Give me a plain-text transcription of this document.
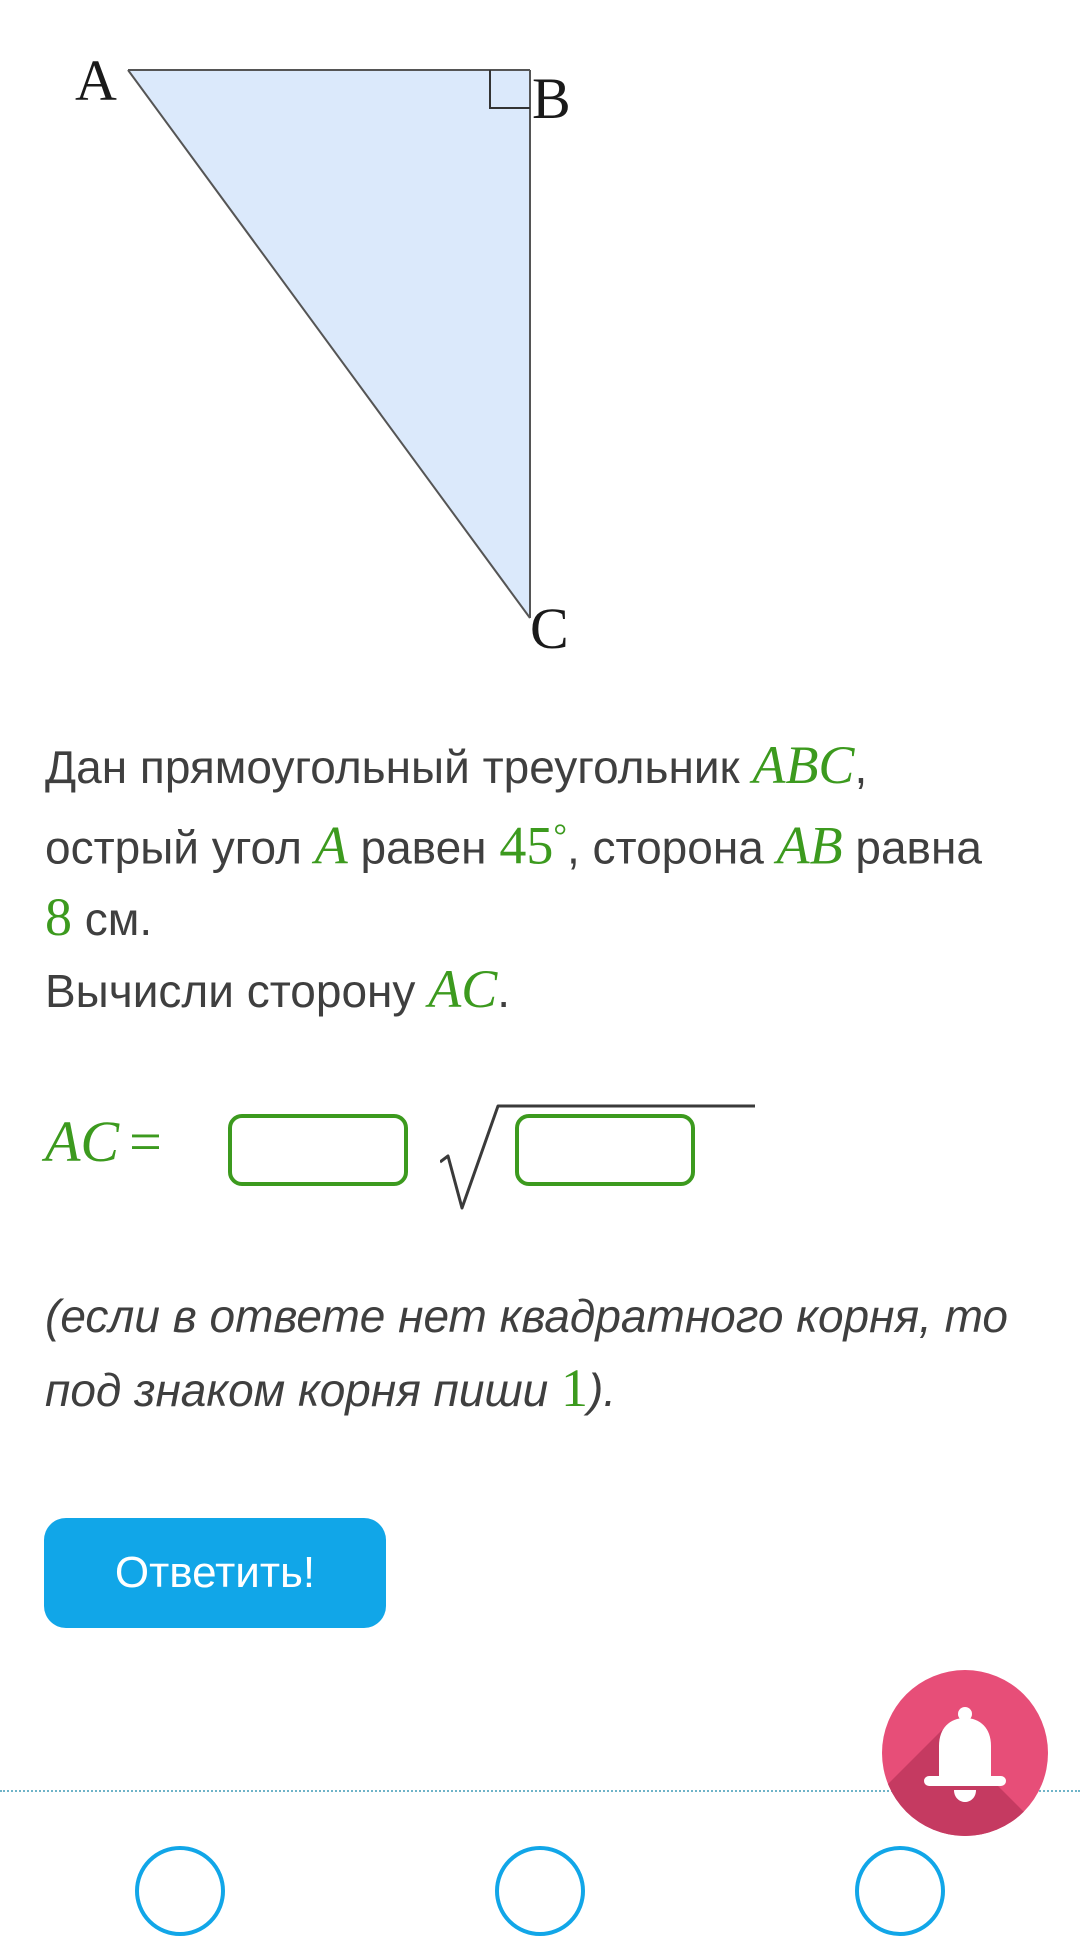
A	B
C
Дан прямоугольный треугольник ABC,
острый угол A равен 45°, сторона AB равна
8 см.
Вычисли сторону AC.
AC =
(если в ответе нет квадратного корня, то под знаком корня пиши 1).
Ответить!
